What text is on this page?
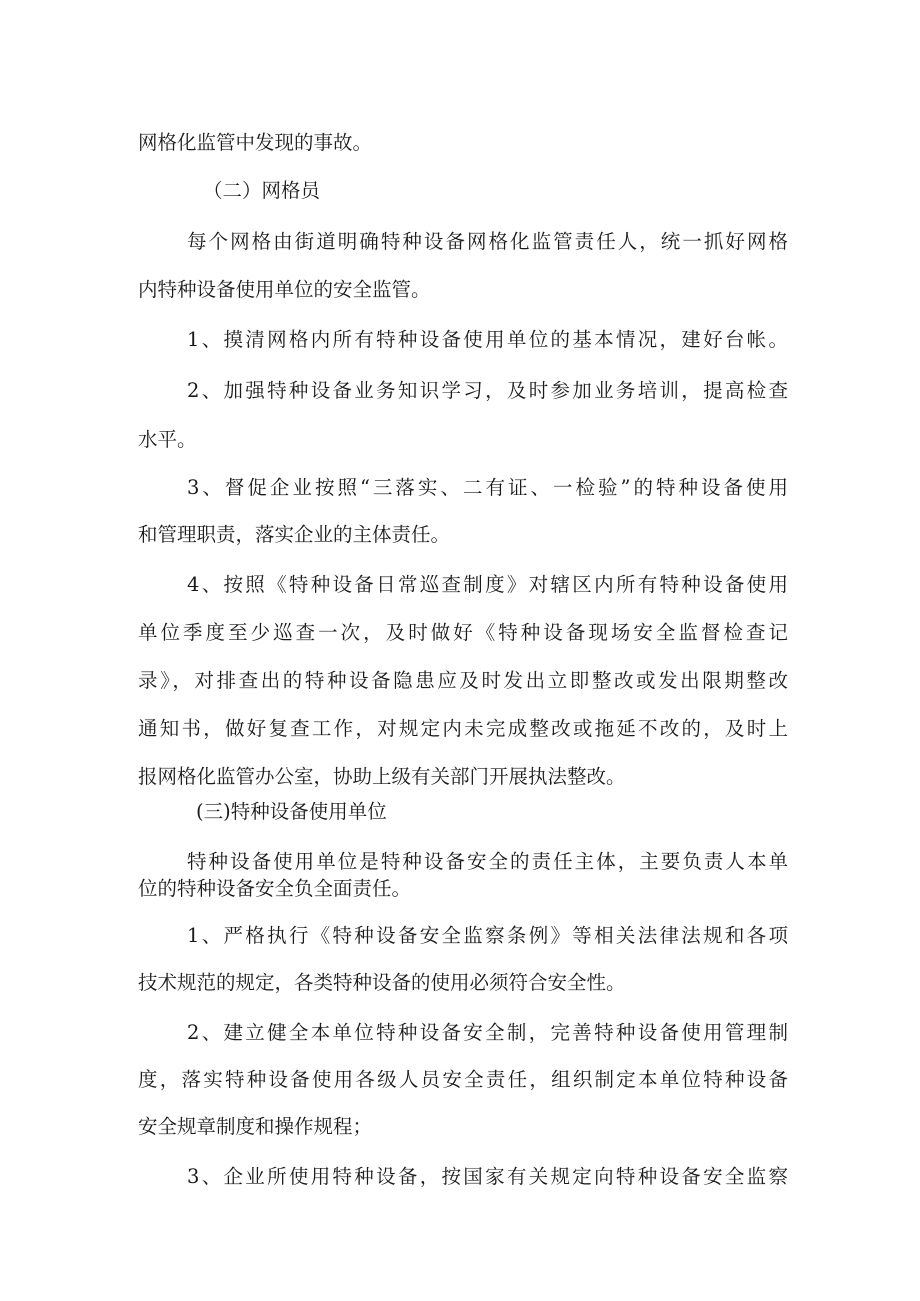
网格化监管中发现的事故。
（二）网格员
每个网格由街道明确特种设备网格化监管责任人，统一抓好网格
内特种设备使用单位的安全监管。
1、摸清网格内所有特种设备使用单位的基本情况，建好台帐。
2、加强特种设备业务知识学习，及时参加业务培训，提高检查
水平。
3、督促企业按照“三落实、二有证、一检验”的特种设备使用
和管理职责，落实企业的主体责任。
4、按照《特种设备日常巡查制度》对辖区内所有特种设备使用
单位季度至少巡查一次，及时做好《特种设备现场安全监督检查记
录》，对排查出的特种设备隐患应及时发出立即整改或发出限期整改
通知书，做好复查工作，对规定内未完成整改或拖延不改的，及时上
报网格化监管办公室，协助上级有关部门开展执法整改。
(三)特种设备使用单位
特种设备使用单位是特种设备安全的责任主体，主要负责人本单
位的特种设备安全负全面责任。
1、严格执行《特种设备安全监察条例》等相关法律法规和各项
技术规范的规定，各类特种设备的使用必须符合安全性。
2、建立健全本单位特种设备安全制，完善特种设备使用管理制
度，落实特种设备使用各级人员安全责任，组织制定本单位特种设备
安全规章制度和操作规程；
3、企业所使用特种设备，按国家有关规定向特种设备安全监察
